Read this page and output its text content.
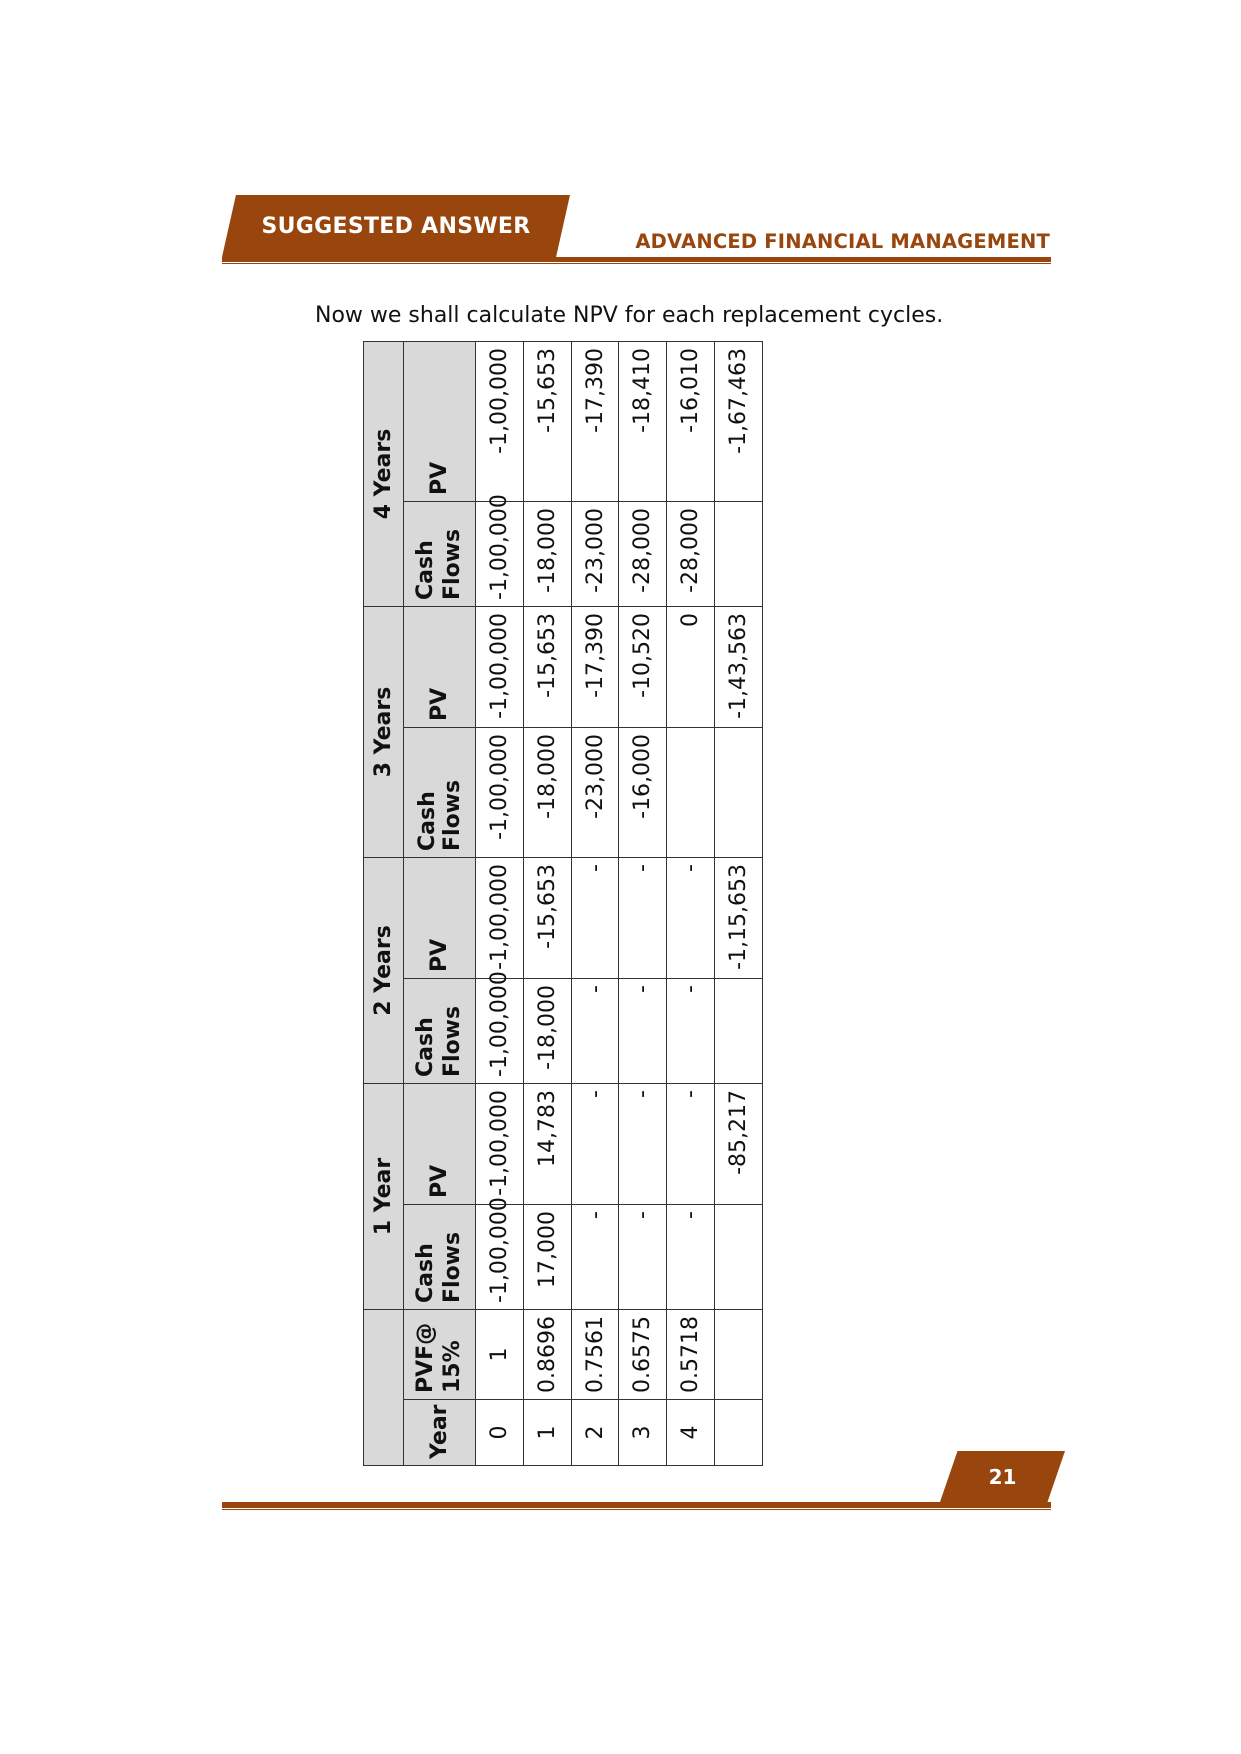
SUGGESTED ANSWER
ADVANCED FINANCIAL MANAGEMENT
Now we shall calculate NPV for each replacement cycles.
		1 Year		2 Years		3 Years		4 Years	
Year	PVF@ 15%	Cash Flows	PV	Cash Flows	PV	Cash Flows	PV	Cash Flows	PV
0	1	-1,00,000	-1,00,000	-1,00,000	-1,00,000	-1,00,000	-1,00,000	-1,00,000	-1,00,000
1	0.8696	17,000	14,783	-18,000	-15,653	-18,000	-15,653	-18,000	-15,653
2	0.7561	-	-	-	-	-23,000	-17,390	-23,000	-17,390
3	0.6575	-	-	-	-	-16,000	-10,520	-28,000	-18,410
4	0.5718	-	-	-	-		0	-28,000	-16,010
			-85,217		-1,15,653		-1,43,563		-1,67,463
21
